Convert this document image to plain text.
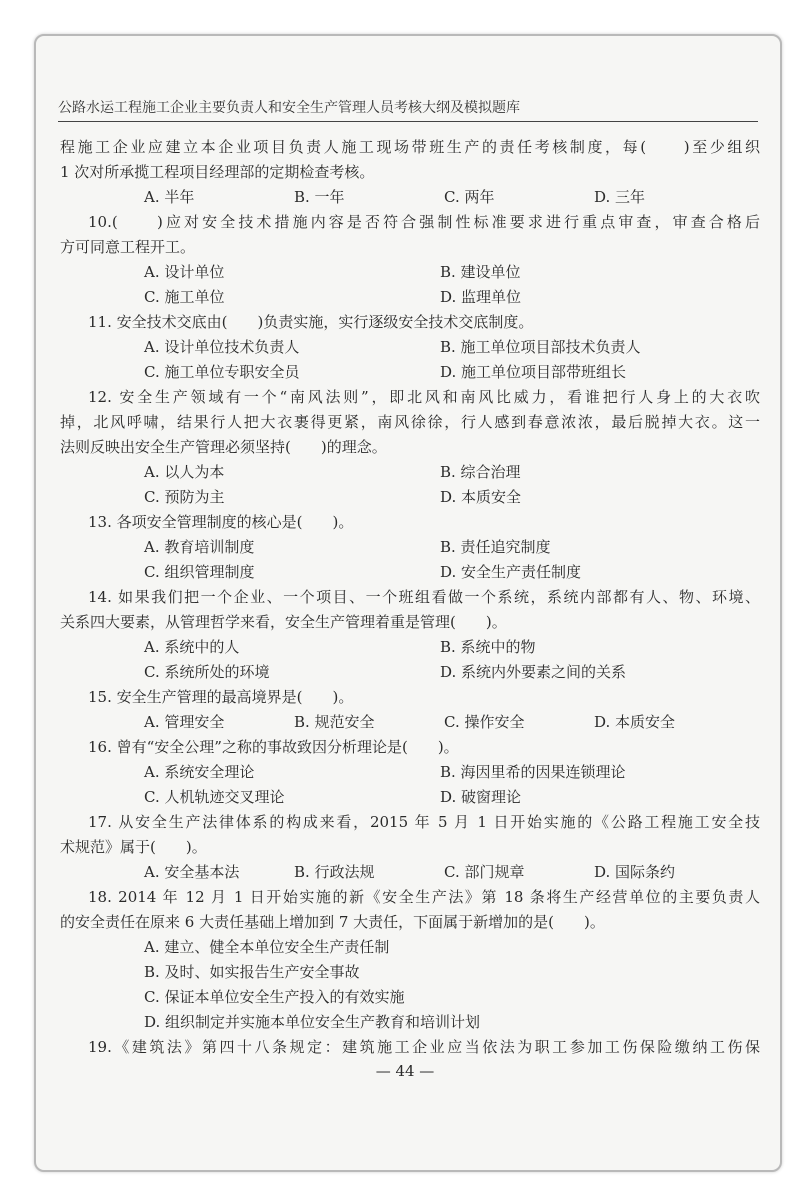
公路水运工程施工企业主要负责人和安全生产管理人员考核大纲及模拟题库
程施工企业应建立本企业项目负责人施工现场带班生产的责任考核制度，每(　　)至少组织
1 次对所承揽工程项目经理部的定期检查考核。
A. 半年	B. 一年	C. 两年	D. 三年
10.(　　)应对安全技术措施内容是否符合强制性标准要求进行重点审查，审查合格后
方可同意工程开工。
A. 设计单位	B. 建设单位
C. 施工单位	D. 监理单位
11. 安全技术交底由(　　)负责实施，实行逐级安全技术交底制度。
A. 设计单位技术负责人	B. 施工单位项目部技术负责人
C. 施工单位专职安全员	D. 施工单位项目部带班组长
12. 安全生产领域有一个“南风法则”，即北风和南风比威力，看谁把行人身上的大衣吹
掉，北风呼啸，结果行人把大衣裹得更紧，南风徐徐，行人感到春意浓浓，最后脱掉大衣。这一
法则反映出安全生产管理必须坚持(　　)的理念。
A. 以人为本	B. 综合治理
C. 预防为主	D. 本质安全
13. 各项安全管理制度的核心是(　　)。
A. 教育培训制度	B. 责任追究制度
C. 组织管理制度	D. 安全生产责任制度
14. 如果我们把一个企业、一个项目、一个班组看做一个系统，系统内部都有人、物、环境、
关系四大要素，从管理哲学来看，安全生产管理着重是管理(　　)。
A. 系统中的人	B. 系统中的物
C. 系统所处的环境	D. 系统内外要素之间的关系
15. 安全生产管理的最高境界是(　　)。
A. 管理安全	B. 规范安全	C. 操作安全	D. 本质安全
16. 曾有“安全公理”之称的事故致因分析理论是(　　)。
A. 系统安全理论	B. 海因里希的因果连锁理论
C. 人机轨迹交叉理论	D. 破窗理论
17. 从安全生产法律体系的构成来看，2015 年 5 月 1 日开始实施的《公路工程施工安全技
术规范》属于(　　)。
A. 安全基本法	B. 行政法规	C. 部门规章	D. 国际条约
18. 2014 年 12 月 1 日开始实施的新《安全生产法》第 18 条将生产经营单位的主要负责人
的安全责任在原来 6 大责任基础上增加到 7 大责任，下面属于新增加的是(　　)。
A. 建立、健全本单位安全生产责任制
B. 及时、如实报告生产安全事故
C. 保证本单位安全生产投入的有效实施
D. 组织制定并实施本单位安全生产教育和培训计划
19.《建筑法》第四十八条规定：建筑施工企业应当依法为职工参加工伤保险缴纳工伤保
— 44 —
